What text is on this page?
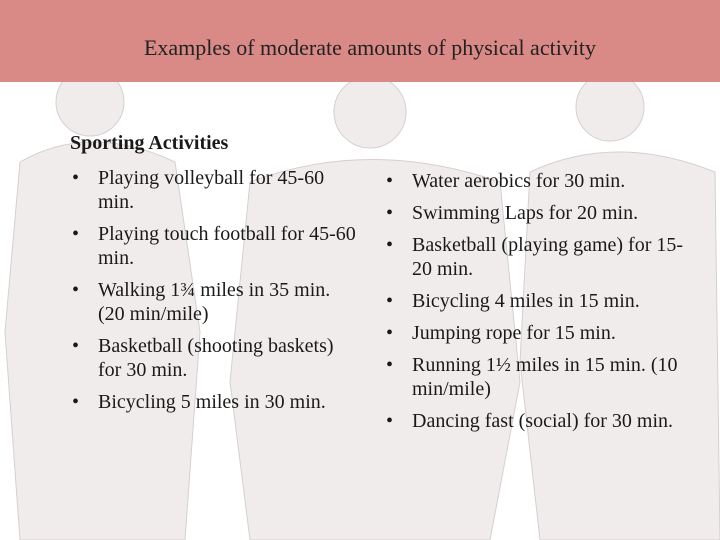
Examples of moderate amounts of physical activity
Sporting Activities
• Playing volleyball for 45-60 min.
• Playing touch football for 45-60 min.
• Walking 1¾ miles in 35 min. (20 min/mile)
• Basketball (shooting baskets) for 30 min.
• Bicycling 5 miles in 30 min.
• Water aerobics for 30 min.
• Swimming Laps for 20 min.
• Basketball (playing game) for 15-20 min.
• Bicycling 4 miles in 15 min.
• Jumping rope for 15 min.
• Running 1½ miles in 15 min. (10 min/mile)
• Dancing fast (social) for 30 min.
